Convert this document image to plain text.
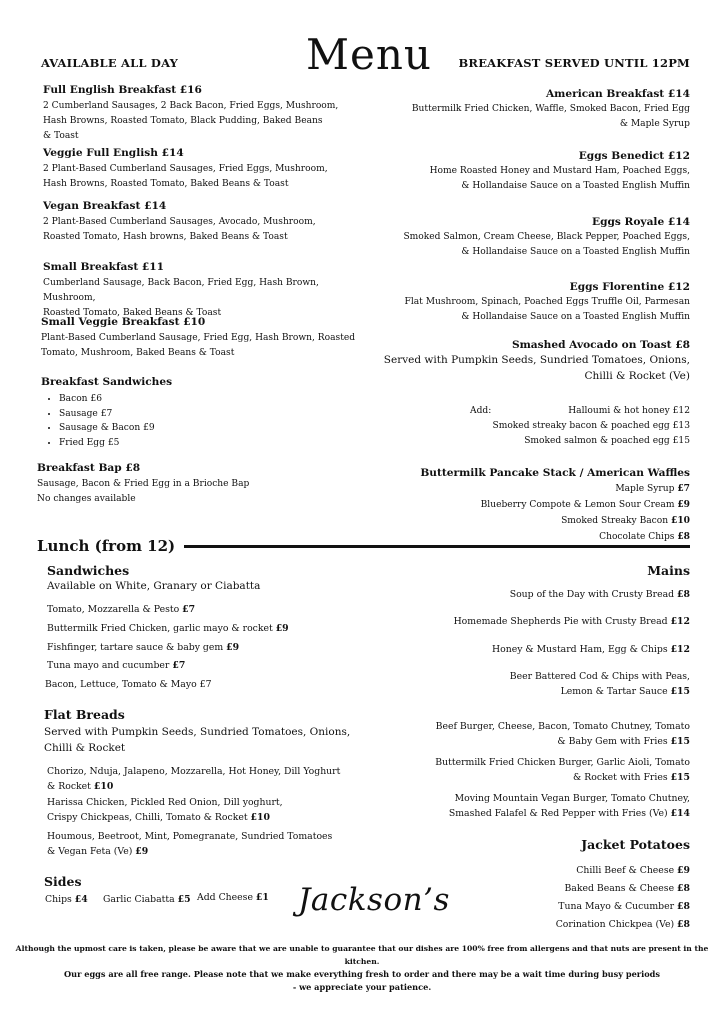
AVAILABLE ALL DAY	Menu BREAKFAST SERVED UNTIL 12PM
Full English Breakfast £16
2 Cumberland Sausages, 2 Back Bacon, Fried Eggs, Mushroom,
Hash Browns, Roasted Tomato, Black Pudding, Baked Beans
& Toast
Veggie Full English £14
2 Plant-Based Cumberland Sausages, Fried Eggs, Mushroom,
Hash Browns, Roasted Tomato, Baked Beans & Toast
Vegan Breakfast £14
2 Plant-Based Cumberland Sausages, Avocado, Mushroom,
Roasted Tomato, Hash browns, Baked Beans & Toast
Small Breakfast £11
Cumberland Sausage, Back Bacon, Fried Egg, Hash Brown, Mushroom,
Roasted Tomato, Baked Beans & Toast
Small Veggie Breakfast £10
Plant-Based Cumberland Sausage, Fried Egg, Hash Brown, Roasted
Tomato, Mushroom, Baked Beans & Toast
Breakfast Sandwiches
• Bacon £6
• Sausage £7
• Sausage & Bacon £9
• Fried Egg £5
Breakfast Bap £8
Sausage, Bacon & Fried Egg in a Brioche Bap
No changes available
American Breakfast £14
Buttermilk Fried Chicken, Waffle, Smoked Bacon, Fried Egg
& Maple Syrup
Eggs Benedict £12
Home Roasted Honey and Mustard Ham, Poached Eggs,
& Hollandaise Sauce on a Toasted English Muffin
Eggs Royale £14
Smoked Salmon, Cream Cheese, Black Pepper, Poached Eggs,
& Hollandaise Sauce on a Toasted English Muffin
Eggs Florentine £12
Flat Mushroom, Spinach, Poached Eggs Truffle Oil, Parmesan
& Hollandaise Sauce on a Toasted English Muffin
Smashed Avocado on Toast £8
Served with Pumpkin Seeds, Sundried Tomatoes, Onions,
Chilli & Rocket (Ve)
Add:	Halloumi & hot honey £12
Smoked streaky bacon & poached egg £13
Smoked salmon & poached egg £15
Buttermilk Pancake Stack / American Waffles
Maple Syrup £7
Blueberry Compote & Lemon Sour Cream £9
Smoked Streaky Bacon £10
Chocolate Chips £8
Lunch (from 12)
Sandwiches
Available on White, Granary or Ciabatta
Tomato, Mozzarella & Pesto £7
Buttermilk Fried Chicken, garlic mayo & rocket £9
Fishfinger, tartare sauce & baby gem £9
Tuna mayo and cucumber £7
Bacon, Lettuce, Tomato & Mayo £7
Flat Breads
Served with Pumpkin Seeds, Sundried Tomatoes, Onions,
Chilli & Rocket
Chorizo, Nduja, Jalapeno, Mozzarella, Hot Honey, Dill Yoghurt
& Rocket £10
Harissa Chicken, Pickled Red Onion, Dill yoghurt,
Crispy Chickpeas, Chilli, Tomato & Rocket £10
Houmous, Beetroot, Mint, Pomegranate, Sundried Tomatoes
& Vegan Feta (Ve) £9
Sides
Chips £4 Garlic Ciabatta £5 Add Cheese £1 Jackson’s
Mains
Soup of the Day with Crusty Bread £8
Homemade Shepherds Pie with Crusty Bread £12
Honey & Mustard Ham, Egg & Chips £12
Beer Battered Cod & Chips with Peas,
Lemon & Tartar Sauce £15
Beef Burger, Cheese, Bacon, Tomato Chutney, Tomato
& Baby Gem with Fries £15
Buttermilk Fried Chicken Burger, Garlic Aioli, Tomato
& Rocket with Fries £15
Moving Mountain Vegan Burger, Tomato Chutney,
Smashed Falafel & Red Pepper with Fries (Ve) £14
Jacket Potatoes
Chilli Beef & Cheese £9
Baked Beans & Cheese £8
Tuna Mayo & Cucumber £8
Corination Chickpea (Ve) £8
Although the upmost care is taken, please be aware that we are unable to guarantee that our dishes are 100% free from allergens and that nuts are present in the kitchen.
Our eggs are all free range. Please note that we make everything fresh to order and there may be a wait time during busy periods
- we appreciate your patience.
